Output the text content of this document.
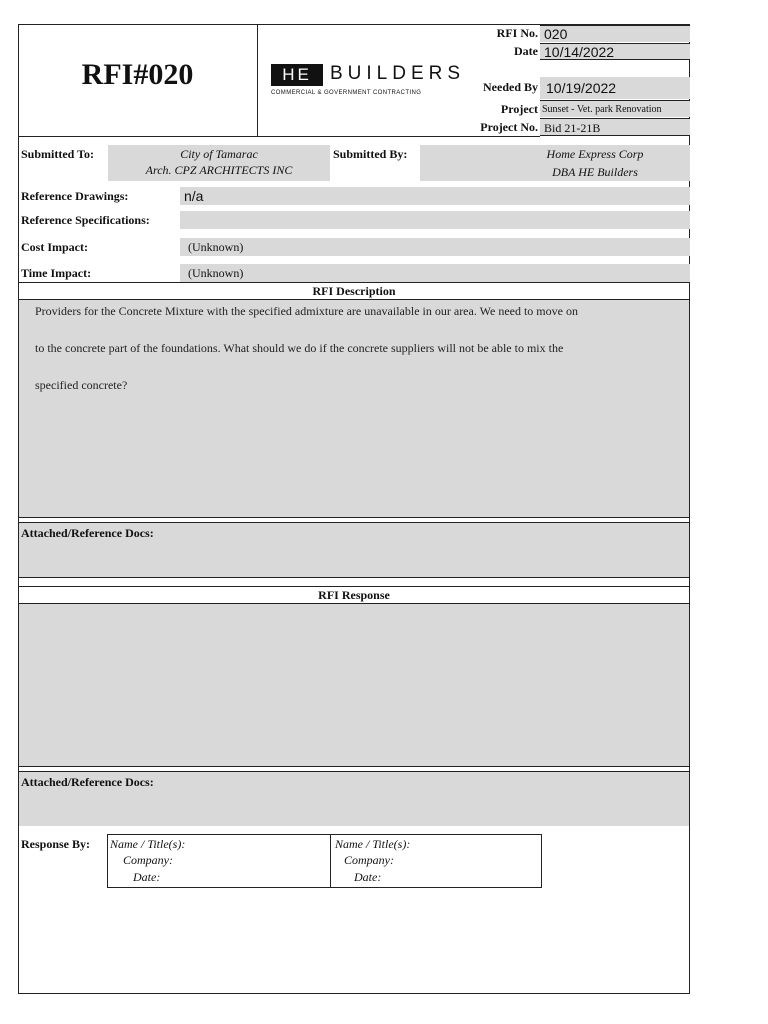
RFI#020	HE BUILDERS
COMMERCIAL & GOVERNMENT CONTRACTING
RFI No. 020
Date 10/14/2022
Needed By 10/19/2022
Project Sunset - Vet. park Renovation
Project No. Bid 21-21B
Submitted To:	City of Tamarac
Arch. CPZ ARCHITECTS INC
Submitted By:	Home Express Corp
DBA HE Builders
Reference Drawings:	n/a
Reference Specifications:
Cost Impact:	(Unknown)
Time Impact:	(Unknown)
RFI Description
Providers for the Concrete Mixture with the specified admixture are unavailable in our area. We need to move on
to the concrete part of the foundations. What should we do if the concrete suppliers will not be able to mix the
specified concrete?
Attached/Reference Docs:
RFI Response
Attached/Reference Docs:
Response By: Name / Title(s):
Company:
Date:
Name / Title(s):
Company:
Date:
